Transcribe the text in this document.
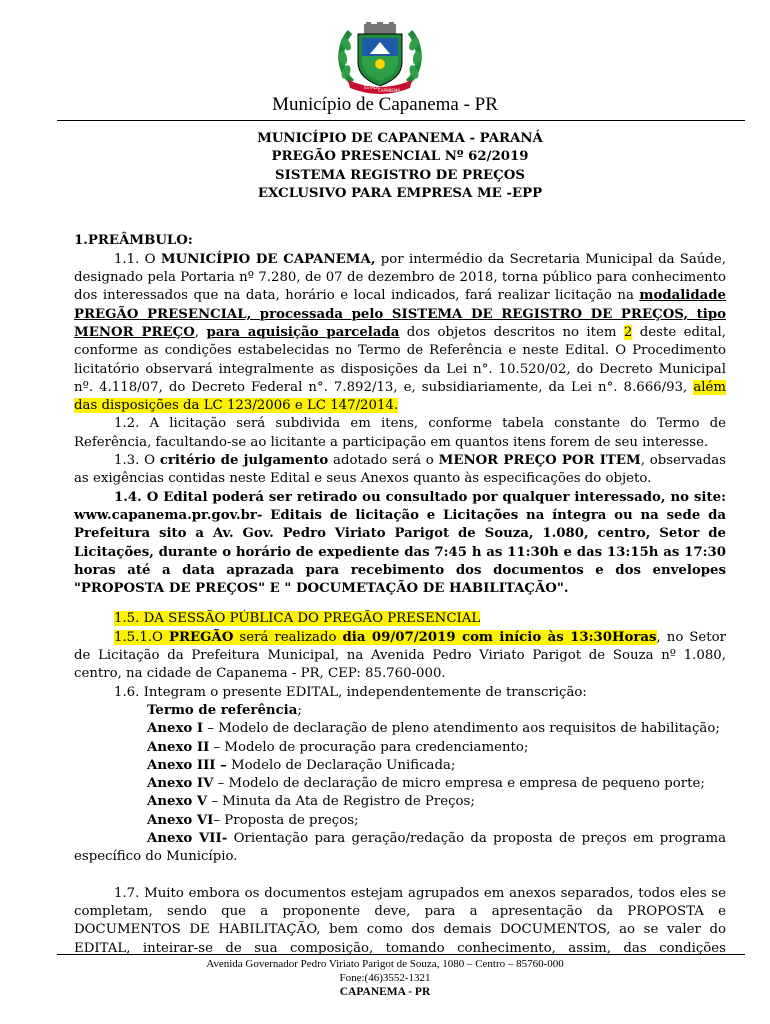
ESTADO
CAPANEMA
Município de Capanema - PR
MUNICÍPIO DE CAPANEMA - PARANÁ
PREGÃO PRESENCIAL Nº 62/2019
SISTEMA REGISTRO DE PREÇOS
EXCLUSIVO PARA EMPRESA ME -EPP

1.PREÂMBULO:

1.1. O MUNICÍPIO DE CAPANEMA, por intermédio da Secretaria Municipal da Saúde, designado pela Portaria nº 7.280, de 07 de dezembro de 2018, torna público para conhecimento dos interessados que na data, horário e local indicados, fará realizar licitação na modalidade PREGÃO PRESENCIAL, processada pelo SISTEMA DE REGISTRO DE PREÇOS, tipo MENOR PREÇO, para aquisição parcelada dos objetos descritos no item 2 deste edital, conforme as condições estabelecidas no Termo de Referência e neste Edital. O Procedimento licitatório observará integralmente as disposições da Lei n°. 10.520/02, do Decreto Municipal nº. 4.118/07, do Decreto Federal n°. 7.892/13, e, subsidiariamente, da Lei n°. 8.666/93, além das disposições da LC 123/2006 e LC 147/2014.

1.2. A licitação será subdivida em itens, conforme tabela constante do Termo de Referência, facultando-se ao licitante a participação em quantos itens forem de seu interesse.

1.3. O critério de julgamento adotado será o MENOR PREÇO POR ITEM, observadas as exigências contidas neste Edital e seus Anexos quanto às especificações do objeto.

1.4. O Edital poderá ser retirado ou consultado por qualquer interessado, no site: www.capanema.pr.gov.br- Editais de licitação e Licitações na íntegra ou na sede da Prefeitura sito a Av. Gov. Pedro Viriato Parigot de Souza, 1.080, centro, Setor de Licitações, durante o horário de expediente das 7:45 h as 11:30h e das 13:15h as 17:30 horas até a data aprazada para recebimento dos documentos e dos envelopes "PROPOSTA DE PREÇOS" E " DOCUMETAÇÃO DE HABILITAÇÃO".

1.5. DA SESSÃO PÚBLICA DO PREGÃO PRESENCIAL

1.5.1.O PREGÃO será realizado dia 09/07/2019 com início às 13:30Horas, no Setor de Licitação da Prefeitura Municipal, na Avenida Pedro Viriato Parigot de Souza nº 1.080, centro, na cidade de Capanema - PR, CEP: 85.760-000.

1.6. Integram o presente EDITAL, independentemente de transcrição:

Termo de referência;

Anexo I – Modelo de declaração de pleno atendimento aos requisitos de habilitação;

Anexo II – Modelo de procuração para credenciamento;

Anexo III – Modelo de Declaração Unificada;

Anexo IV – Modelo de declaração de micro empresa e empresa de pequeno porte;

Anexo V – Minuta da Ata de Registro de Preços;

Anexo VI– Proposta de preços;

Anexo VII- Orientação para geração/redação da proposta de preços em programa específico do Município.

1.7. Muito embora os documentos estejam agrupados em anexos separados, todos eles se completam, sendo que a proponente deve, para a apresentação da PROPOSTA e DOCUMENTOS DE HABILITAÇÃO, bem como dos demais DOCUMENTOS, ao se valer do EDITAL, inteirar-se de sua composição, tomando conhecimento, assim, das condições

Avenida Governador Pedro Viriato Parigot de Souza, 1080 – Centro – 85760-000
Fone:(46)3552-1321
CAPANEMA - PR
